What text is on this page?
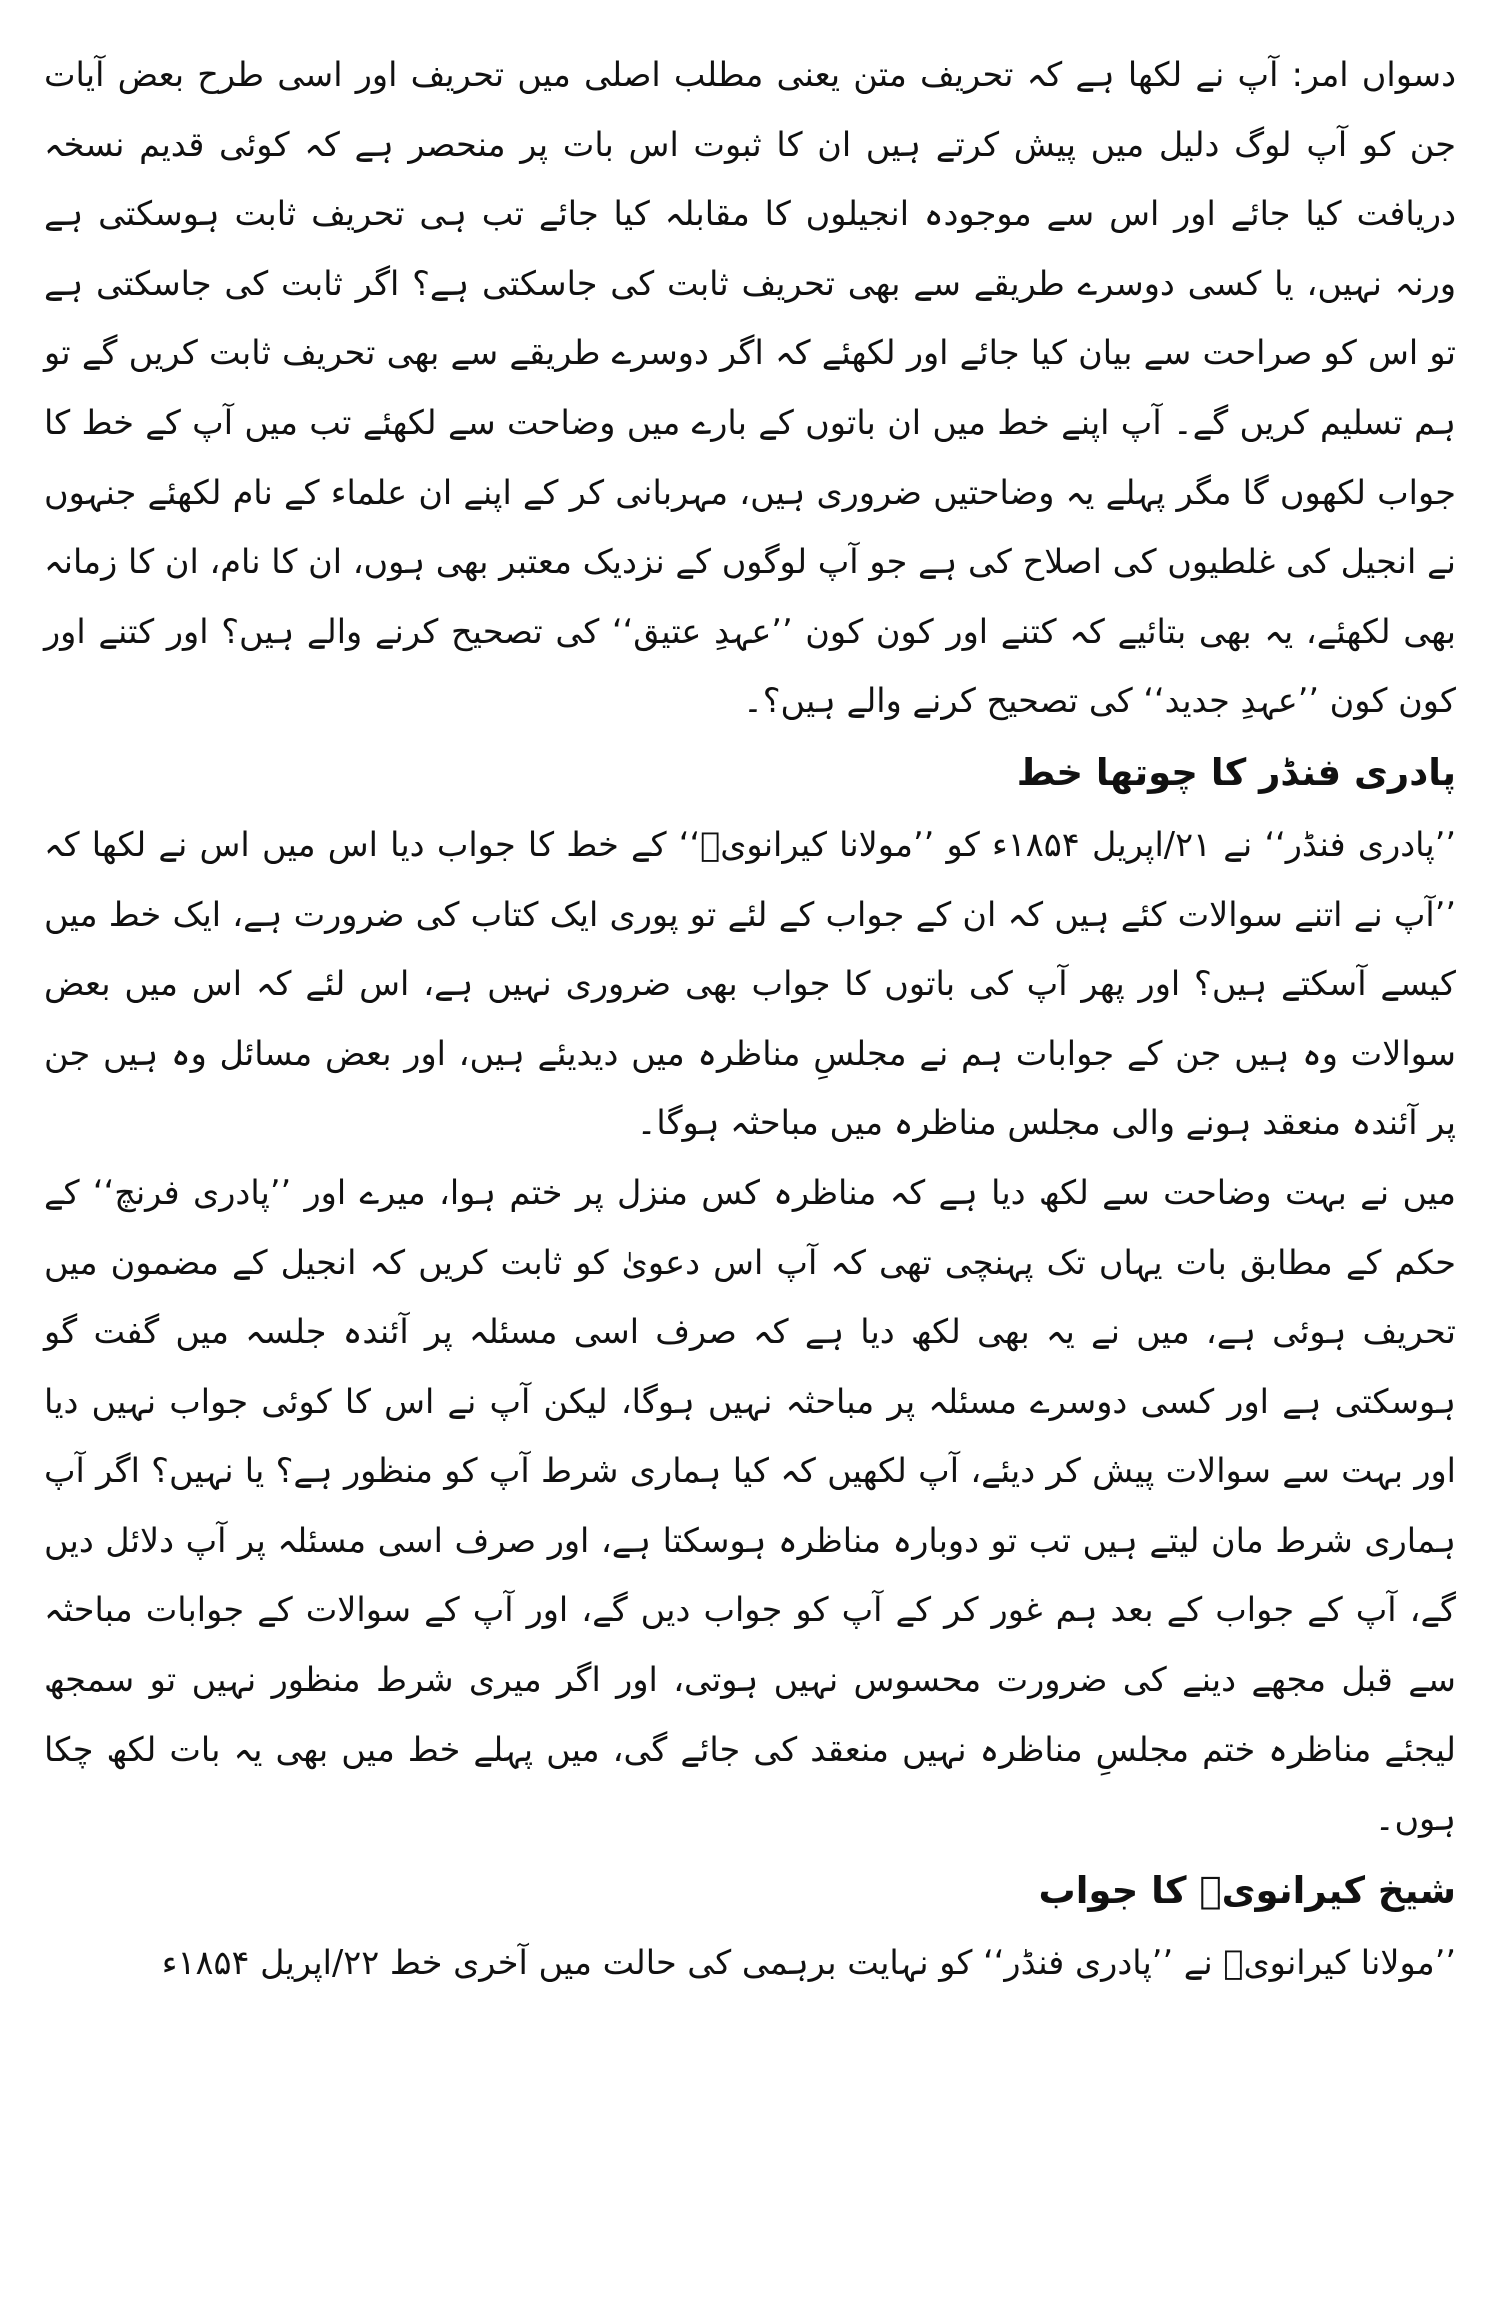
دسواں امر: آپ نے لکھا ہے کہ تحریف متن یعنی مطلب اصلی میں تحریف اور اسی طرح بعض آیات جن کو آپ لوگ دلیل میں پیش کرتے ہیں ان کا ثبوت اس بات پر منحصر ہے کہ کوئی قدیم نسخہ دریافت کیا جائے اور اس سے موجودہ انجیلوں کا مقابلہ کیا جائے تب ہی تحریف ثابت ہوسکتی ہے ورنہ نہیں، یا کسی دوسرے طریقے سے بھی تحریف ثابت کی جاسکتی ہے؟ اگر ثابت کی جاسکتی ہے تو اس کو صراحت سے بیان کیا جائے اور لکھئے کہ اگر دوسرے طریقے سے بھی تحریف ثابت کریں گے تو ہم تسلیم کریں گے۔ آپ اپنے خط میں ان باتوں کے بارے میں وضاحت سے لکھئے تب میں آپ کے خط کا جواب لکھوں گا مگر پہلے یہ وضاحتیں ضروری ہیں، مہربانی کر کے اپنے ان علماء کے نام لکھئے جنہوں نے انجیل کی غلطیوں کی اصلاح کی ہے جو آپ لوگوں کے نزدیک معتبر بھی ہوں، ان کا نام، ان کا زمانہ بھی لکھئے، یہ بھی بتائیے کہ کتنے اور کون کون ’’عہدِ عتیق‘‘ کی تصحیح کرنے والے ہیں؟ اور کتنے اور کون کون ’’عہدِ جدید‘‘ کی تصحیح کرنے والے ہیں؟۔

پادری فنڈر کا چوتھا خط

’’پادری فنڈر‘‘ نے ۲۱/اپریل ۱۸۵۴ء کو ’’مولانا کیرانویؒ‘‘ کے خط کا جواب دیا اس میں اس نے لکھا کہ ’’آپ نے اتنے سوالات کئے ہیں کہ ان کے جواب کے لئے تو پوری ایک کتاب کی ضرورت ہے، ایک خط میں کیسے آسکتے ہیں؟ اور پھر آپ کی باتوں کا جواب بھی ضروری نہیں ہے، اس لئے کہ اس میں بعض سوالات وہ ہیں جن کے جوابات ہم نے مجلسِ مناظرہ میں دیدیئے ہیں، اور بعض مسائل وہ ہیں جن پر آئندہ منعقد ہونے والی مجلس مناظرہ میں مباحثہ ہوگا۔

میں نے بہت وضاحت سے لکھ دیا ہے کہ مناظرہ کس منزل پر ختم ہوا، میرے اور ’’پادری فرنچ‘‘ کے حکم کے مطابق بات یہاں تک پہنچی تھی کہ آپ اس دعویٰ کو ثابت کریں کہ انجیل کے مضمون میں تحریف ہوئی ہے، میں نے یہ بھی لکھ دیا ہے کہ صرف اسی مسئلہ پر آئندہ جلسہ میں گفت گو ہوسکتی ہے اور کسی دوسرے مسئلہ پر مباحثہ نہیں ہوگا، لیکن آپ نے اس کا کوئی جواب نہیں دیا اور بہت سے سوالات پیش کر دیئے، آپ لکھیں کہ کیا ہماری شرط آپ کو منظور ہے؟ یا نہیں؟ اگر آپ ہماری شرط مان لیتے ہیں تب تو دوبارہ مناظرہ ہوسکتا ہے، اور صرف اسی مسئلہ پر آپ دلائل دیں گے، آپ کے جواب کے بعد ہم غور کر کے آپ کو جواب دیں گے، اور آپ کے سوالات کے جوابات مباحثہ سے قبل مجھے دینے کی ضرورت محسوس نہیں ہوتی، اور اگر میری شرط منظور نہیں تو سمجھ لیجئے مناظرہ ختم مجلسِ مناظرہ نہیں منعقد کی جائے گی، میں پہلے خط میں بھی یہ بات لکھ چکا ہوں۔

شیخ کیرانویؒ کا جواب

’’مولانا کیرانویؒ نے ’’پادری فنڈر‘‘ کو نہایت برہمی کی حالت میں آخری خط ۲۲/اپریل ۱۸۵۴ء
